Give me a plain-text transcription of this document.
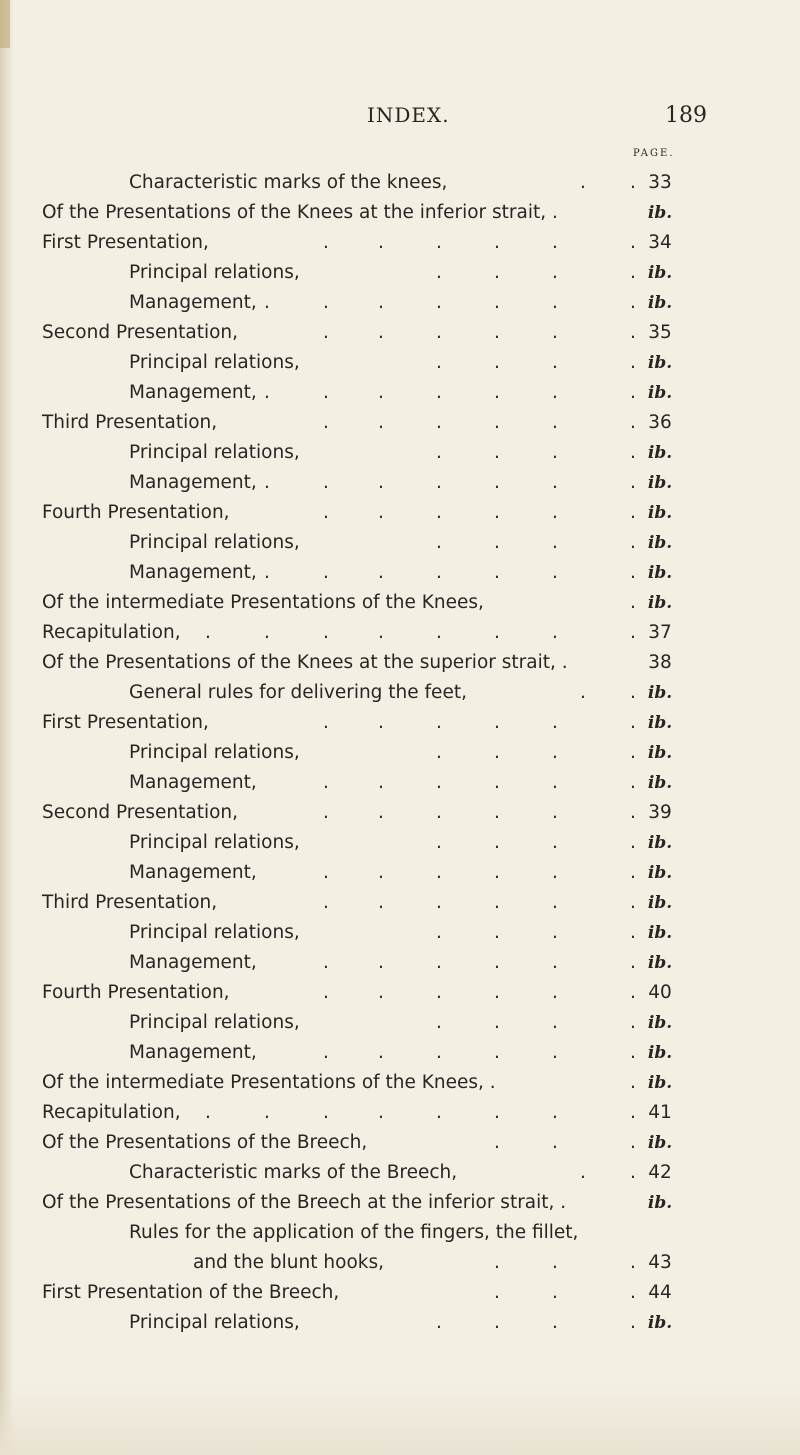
INDEX.	189
PAGE.
Characteristic marks of the knees,	. . 33
Of the Presentations of the Knees at the inferior strait, .	ib.
First Presentation,	.	.	.	.	.	. 34
Principal relations,	.	.	.	. ib.
Management, .	.	.	.	.	.	. ib.
Second Presentation,	.	.	.	.	.	. 35
Principal relations,	.	.	.	. ib.
Management, .	.	.	.	.	.	. ib.
Third Presentation,	.	.	.	.	.	. 36
Principal relations,	.	.	.	. ib.
Management, .	.	.	.	.	.	. ib.
Fourth Presentation,	.	.	.	.	.	. ib.
Principal relations,	.	.	.	. ib.
Management, .	.	.	.	.	.	. ib.
Of the intermediate Presentations of the Knees,	. ib.
Recapitulation, .	.	.	.	.	.	.	. 37
Of the Presentations of the Knees at the superior strait, .	38
General rules for delivering the feet,	. . ib.
First Presentation,	.	.	.	.	.	. ib.
Principal relations,	.	.	.	. ib.
Management,	.	.	.	.	.	. ib.
Second Presentation,	.	.	.	.	.	. 39
Principal relations,	.	.	.	. ib.
Management,	.	.	.	.	.	. ib.
Third Presentation,	.	.	.	.	.	. ib.
Principal relations,	.	.	.	. ib.
Management,	.	.	.	.	.	. ib.
Fourth Presentation,	.	.	.	.	.	. 40
Principal relations,	.	.	.	. ib.
Management,	.	.	.	.	.	. ib.
Of the intermediate Presentations of the Knees, .	. ib.
Recapitulation, .	.	.	.	.	.	.	. 41
Of the Presentations of the Breech,	.	.	. ib.
Characteristic marks of the Breech,	. . 42
Of the Presentations of the Breech at the inferior strait, .	ib.
Rules for the application of the fingers, the fillet,
and the blunt hooks,	.	.	. 43
First Presentation of the Breech,	.	.	. 44
Principal relations,	.	.	.	. ib.
